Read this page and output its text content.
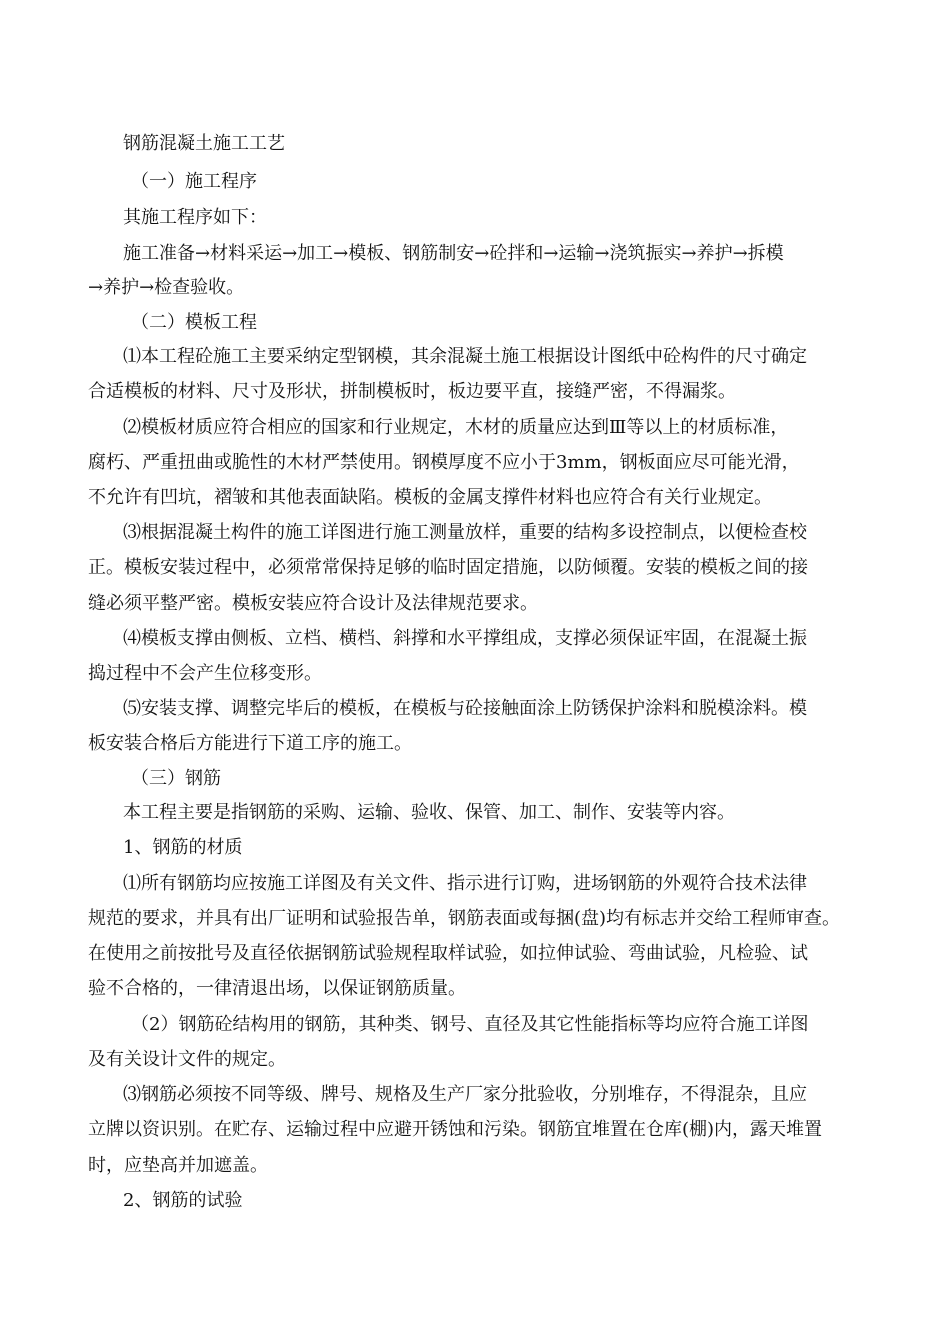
钢筋混凝土施工工艺
（一）施工程序
其施工程序如下：
施工准备→材料采运→加工→模板、钢筋制安→砼拌和→运输→浇筑振实→养护→拆模
→养护→检查验收。
（二）模板工程
⑴本工程砼施工主要采纳定型钢模，其余混凝土施工根据设计图纸中砼构件的尺寸确定
合适模板的材料、尺寸及形状，拼制模板时，板边要平直，接缝严密，不得漏浆。
⑵模板材质应符合相应的国家和行业规定，木材的质量应达到Ⅲ等以上的材质标准，
腐朽、严重扭曲或脆性的木材严禁使用。钢模厚度不应小于3mm，钢板面应尽可能光滑，
不允许有凹坑，褶皱和其他表面缺陷。模板的金属支撑件材料也应符合有关行业规定。
⑶根据混凝土构件的施工详图进行施工测量放样，重要的结构多设控制点，以便检查校
正。模板安装过程中，必须常常保持足够的临时固定措施，以防倾覆。安装的模板之间的接
缝必须平整严密。模板安装应符合设计及法律规范要求。
⑷模板支撑由侧板、立档、横档、斜撑和水平撑组成，支撑必须保证牢固，在混凝土振
捣过程中不会产生位移变形。
⑸安装支撑、调整完毕后的模板，在模板与砼接触面涂上防锈保护涂料和脱模涂料。模
板安装合格后方能进行下道工序的施工。
（三）钢筋
本工程主要是指钢筋的采购、运输、验收、保管、加工、制作、安装等内容。
1、钢筋的材质
⑴所有钢筋均应按施工详图及有关文件、指示进行订购，进场钢筋的外观符合技术法律
规范的要求，并具有出厂证明和试验报告单，钢筋表面或每捆(盘)均有标志并交给工程师审查。
在使用之前按批号及直径依据钢筋试验规程取样试验，如拉伸试验、弯曲试验，凡检验、试
验不合格的，一律清退出场，以保证钢筋质量。
（2）钢筋砼结构用的钢筋，其种类、钢号、直径及其它性能指标等均应符合施工详图
及有关设计文件的规定。
⑶钢筋必须按不同等级、牌号、规格及生产厂家分批验收，分别堆存，不得混杂，且应
立牌以资识别。在贮存、运输过程中应避开锈蚀和污染。钢筋宜堆置在仓库(棚)内，露天堆置
时，应垫高并加遮盖。
2、钢筋的试验
